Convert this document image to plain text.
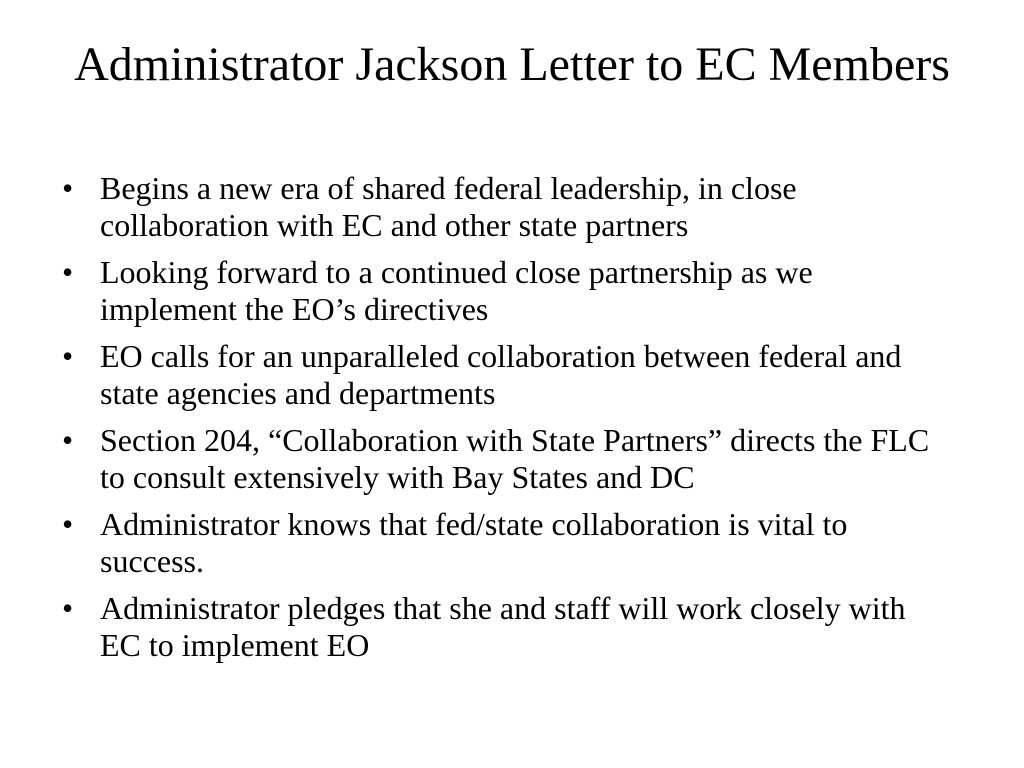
Administrator Jackson Letter to EC Members
• Begins a new era of shared federal leadership, in close collaboration with EC and other state partners
• Looking forward to a continued close partnership as we implement the EO’s directives
• EO calls for an unparalleled collaboration between federal and state agencies and departments
• Section 204, “Collaboration with State Partners” directs the FLC to consult extensively with Bay States and DC
• Administrator knows that fed/state collaboration is vital to success.
• Administrator pledges that she and staff will work closely with EC to implement EO
